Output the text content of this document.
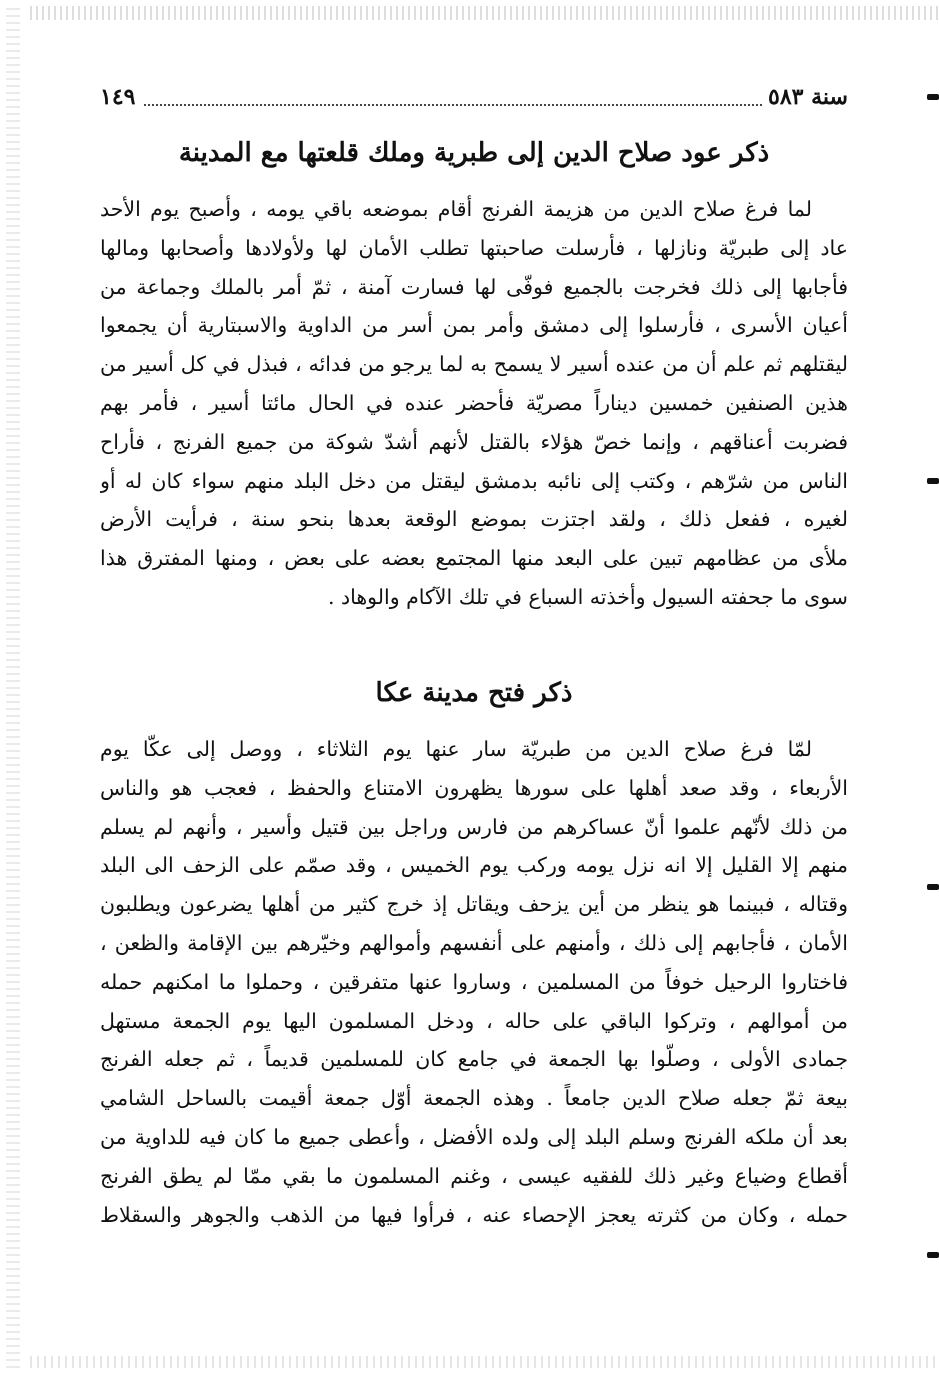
سنة ٥٨٣
١٤٩
ذكر عود صلاح الدين إلى طبرية وملك قلعتها مع المدينة
لما فرغ صلاح الدين من هزيمة الفرنج أقام بموضعه باقي يومه ، وأصبح يوم الأحد
عاد إلى طبريّة ونازلها ، فأرسلت صاحبتها تطلب الأمان لها ولأولادها وأصحابها ومالها
فأجابها إلى ذلك فخرجت بالجميع فوفّى لها فسارت آمنة ، ثمّ أمر بالملك وجماعة من
أعيان الأسرى ، فأرسلوا إلى دمشق وأمر بمن أسر من الداوية والاسبتارية أن يجمعوا
ليقتلهم ثم علم أن من عنده أسير لا يسمح به لما يرجو من فدائه ، فبذل في كل أسير من
هذين الصنفين خمسين ديناراً مصريّة فأحضر عنده في الحال مائتا أسير ، فأمر بهم
فضربت أعناقهم ، وإنما خصّ هؤلاء بالقتل لأنهم أشدّ شوكة من جميع الفرنج ، فأراح
الناس من شرّهم ، وكتب إلى نائبه بدمشق ليقتل من دخل البلد منهم سواء كان له أو
لغيره ، ففعل ذلك ، ولقد اجتزت بموضع الوقعة بعدها بنحو سنة ، فرأيت الأرض
ملأى من عظامهم تبين على البعد منها المجتمع بعضه على بعض ، ومنها المفترق هذا
سوى ما جحفته السيول وأخذته السباع في تلك الآكام والوهاد .
ذكر فتح مدينة عكا
لمّا فرغ صلاح الدين من طبريّة سار عنها يوم الثلاثاء ، ووصل إلى عكّا يوم
الأربعاء ، وقد صعد أهلها على سورها يظهرون الامتناع والحفظ ، فعجب هو والناس
من ذلك لأنّهم علموا أنّ عساكرهم من فارس وراجل بين قتيل وأسير ، وأنهم لم يسلم
منهم إلا القليل إلا انه نزل يومه وركب يوم الخميس ، وقد صمّم على الزحف الى البلد
وقتاله ، فبينما هو ينظر من أين يزحف ويقاتل إذ خرج كثير من أهلها يضرعون ويطلبون
الأمان ، فأجابهم إلى ذلك ، وأمنهم على أنفسهم وأموالهم وخيّرهم بين الإقامة والظعن ،
فاختاروا الرحيل خوفاً من المسلمين ، وساروا عنها متفرقين ، وحملوا ما امكنهم حمله
من أموالهم ، وتركوا الباقي على حاله ، ودخل المسلمون اليها يوم الجمعة مستهل
جمادى الأولى ، وصلّوا بها الجمعة في جامع كان للمسلمين قديماً ، ثم جعله الفرنج
بيعة ثمّ جعله صلاح الدين جامعاً . وهذه الجمعة أوّل جمعة أقيمت بالساحل الشامي
بعد أن ملكه الفرنج وسلم البلد إلى ولده الأفضل ، وأعطى جميع ما كان فيه للداوية من
أقطاع وضياع وغير ذلك للفقيه عيسى ، وغنم المسلمون ما بقي ممّا لم يطق الفرنج
حمله ، وكان من كثرته يعجز الإحصاء عنه ، فرأوا فيها من الذهب والجوهر والسقلاط
